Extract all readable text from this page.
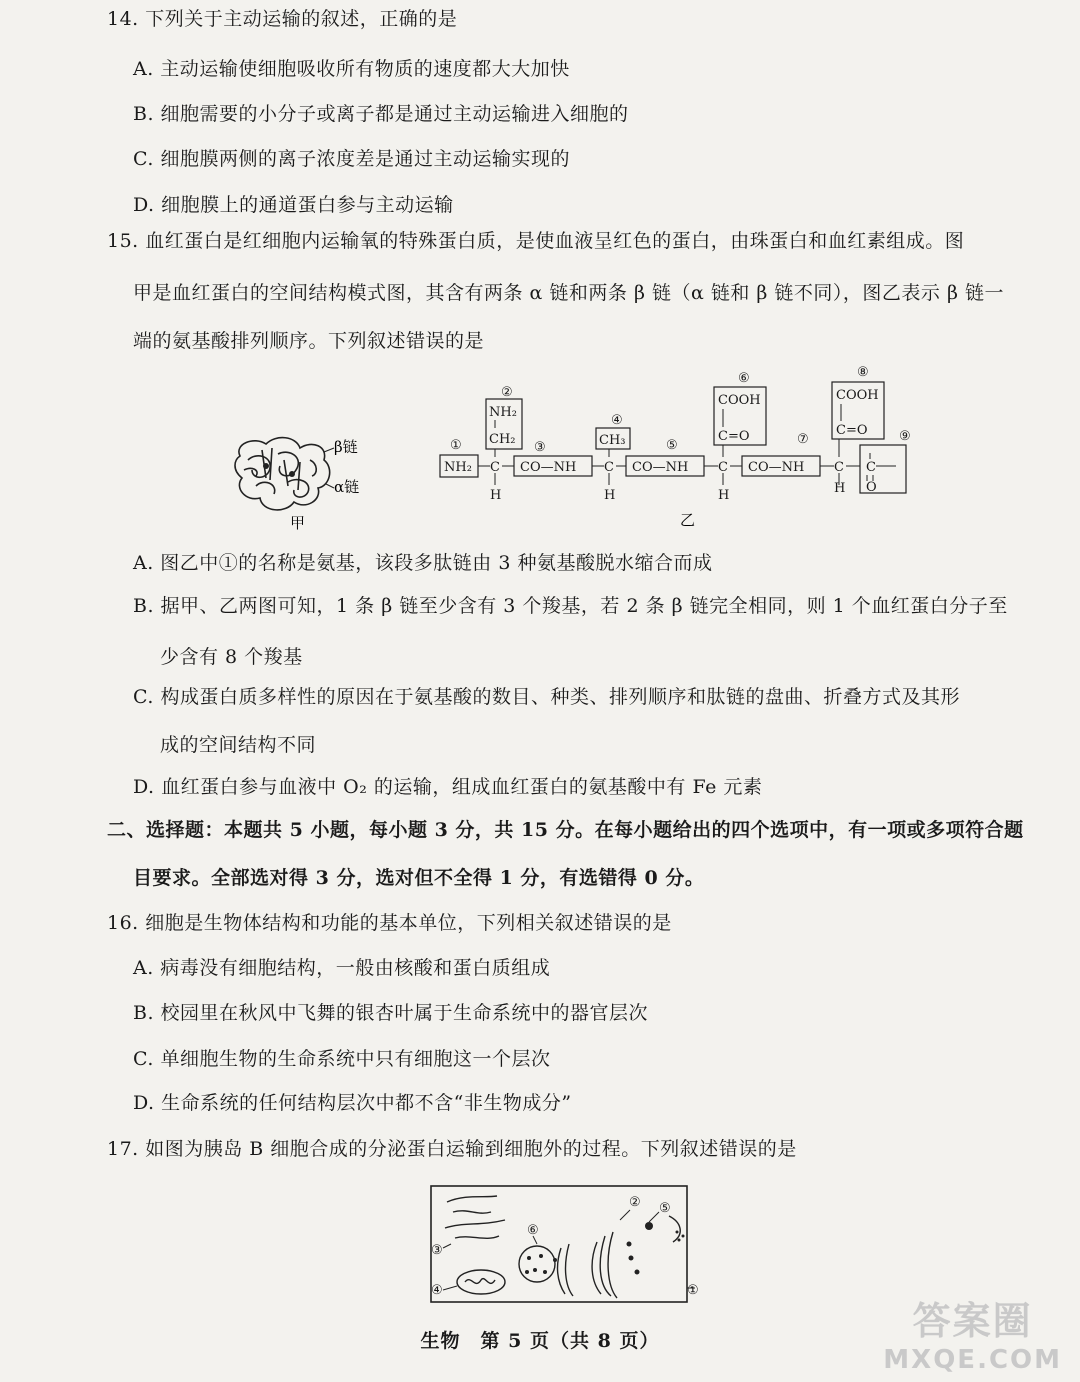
14. 下列关于主动运输的叙述，正确的是
A. 主动运输使细胞吸收所有物质的速度都大大加快
B. 细胞需要的小分子或离子都是通过主动运输进入细胞的
C. 细胞膜两侧的离子浓度差是通过主动运输实现的
D. 细胞膜上的通道蛋白参与主动运输
15. 血红蛋白是红细胞内运输氧的特殊蛋白质，是使血液呈红色的蛋白，由珠蛋白和血红素组成。图
甲是血红蛋白的空间结构模式图，其含有两条 α 链和两条 β 链（α 链和 β 链不同），图乙表示 β 链一
端的氨基酸排列顺序。下列叙述错误的是
β链
α链
甲
①
②
③
④
⑤
⑥
⑦
⑧
⑨
NH₂ C
H
NH₂
CH₂
CO—NH C
H
CH₃
CO—NH C
H
COOH
C=O
CO—NH C
H
COOH
C=O
C
O
乙
A. 图乙中①的名称是氨基，该段多肽链由 3 种氨基酸脱水缩合而成
B. 据甲、乙两图可知，1 条 β 链至少含有 3 个羧基，若 2 条 β 链完全相同，则 1 个血红蛋白分子至
少含有 8 个羧基
C. 构成蛋白质多样性的原因在于氨基酸的数目、种类、排列顺序和肽链的盘曲、折叠方式及其形
成的空间结构不同
D. 血红蛋白参与血液中 O₂ 的运输，组成血红蛋白的氨基酸中有 Fe 元素
二、选择题：本题共 5 小题，每小题 3 分，共 15 分。在每小题给出的四个选项中，有一项或多项符合题
目要求。全部选对得 3 分，选对但不全得 1 分，有选错得 0 分。
16. 细胞是生物体结构和功能的基本单位，下列相关叙述错误的是
A. 病毒没有细胞结构，一般由核酸和蛋白质组成
B. 校园里在秋风中飞舞的银杏叶属于生命系统中的器官层次
C. 单细胞生物的生命系统中只有细胞这一个层次
D. 生命系统的任何结构层次中都不含“非生物成分”
17. 如图为胰岛 B 细胞合成的分泌蛋白运输到细胞外的过程。下列叙述错误的是
①
②
③
④
⑤
⑥
生物　第 5 页（共 8 页）	答案圈
MXQE.COM
